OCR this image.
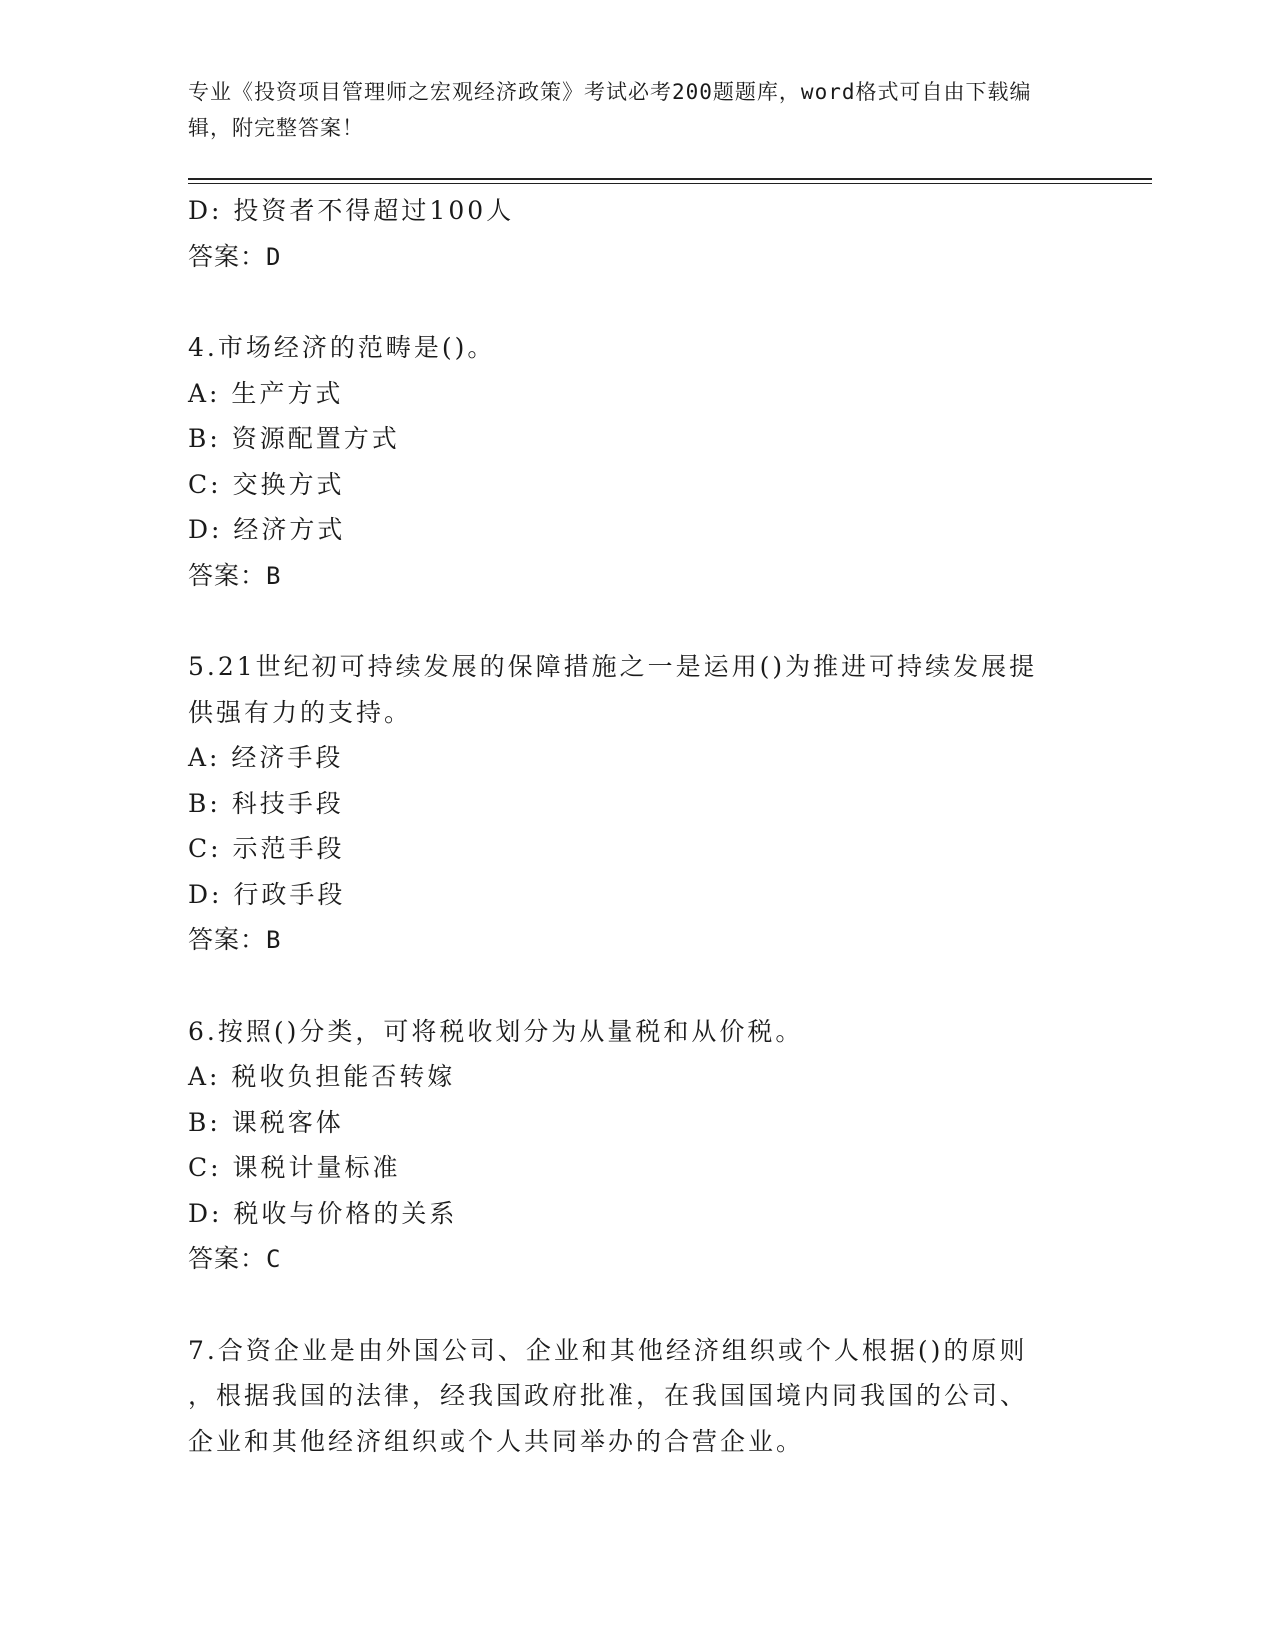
专业《投资项目管理师之宏观经济政策》考试必考200题题库，word格式可自由下载编辑，附完整答案！
D: 投资者不得超过100人
答案：D
4.市场经济的范畴是()。
A: 生产方式
B: 资源配置方式
C: 交换方式
D: 经济方式
答案：B
5.21世纪初可持续发展的保障措施之一是运用()为推进可持续发展提
供强有力的支持。
A: 经济手段
B: 科技手段
C: 示范手段
D: 行政手段
答案：B
6.按照()分类，可将税收划分为从量税和从价税。
A: 税收负担能否转嫁
B: 课税客体
C: 课税计量标准
D: 税收与价格的关系
答案：C
7.合资企业是由外国公司、企业和其他经济组织或个人根据()的原则
，根据我国的法律，经我国政府批准，在我国国境内同我国的公司、
企业和其他经济组织或个人共同举办的合营企业。
